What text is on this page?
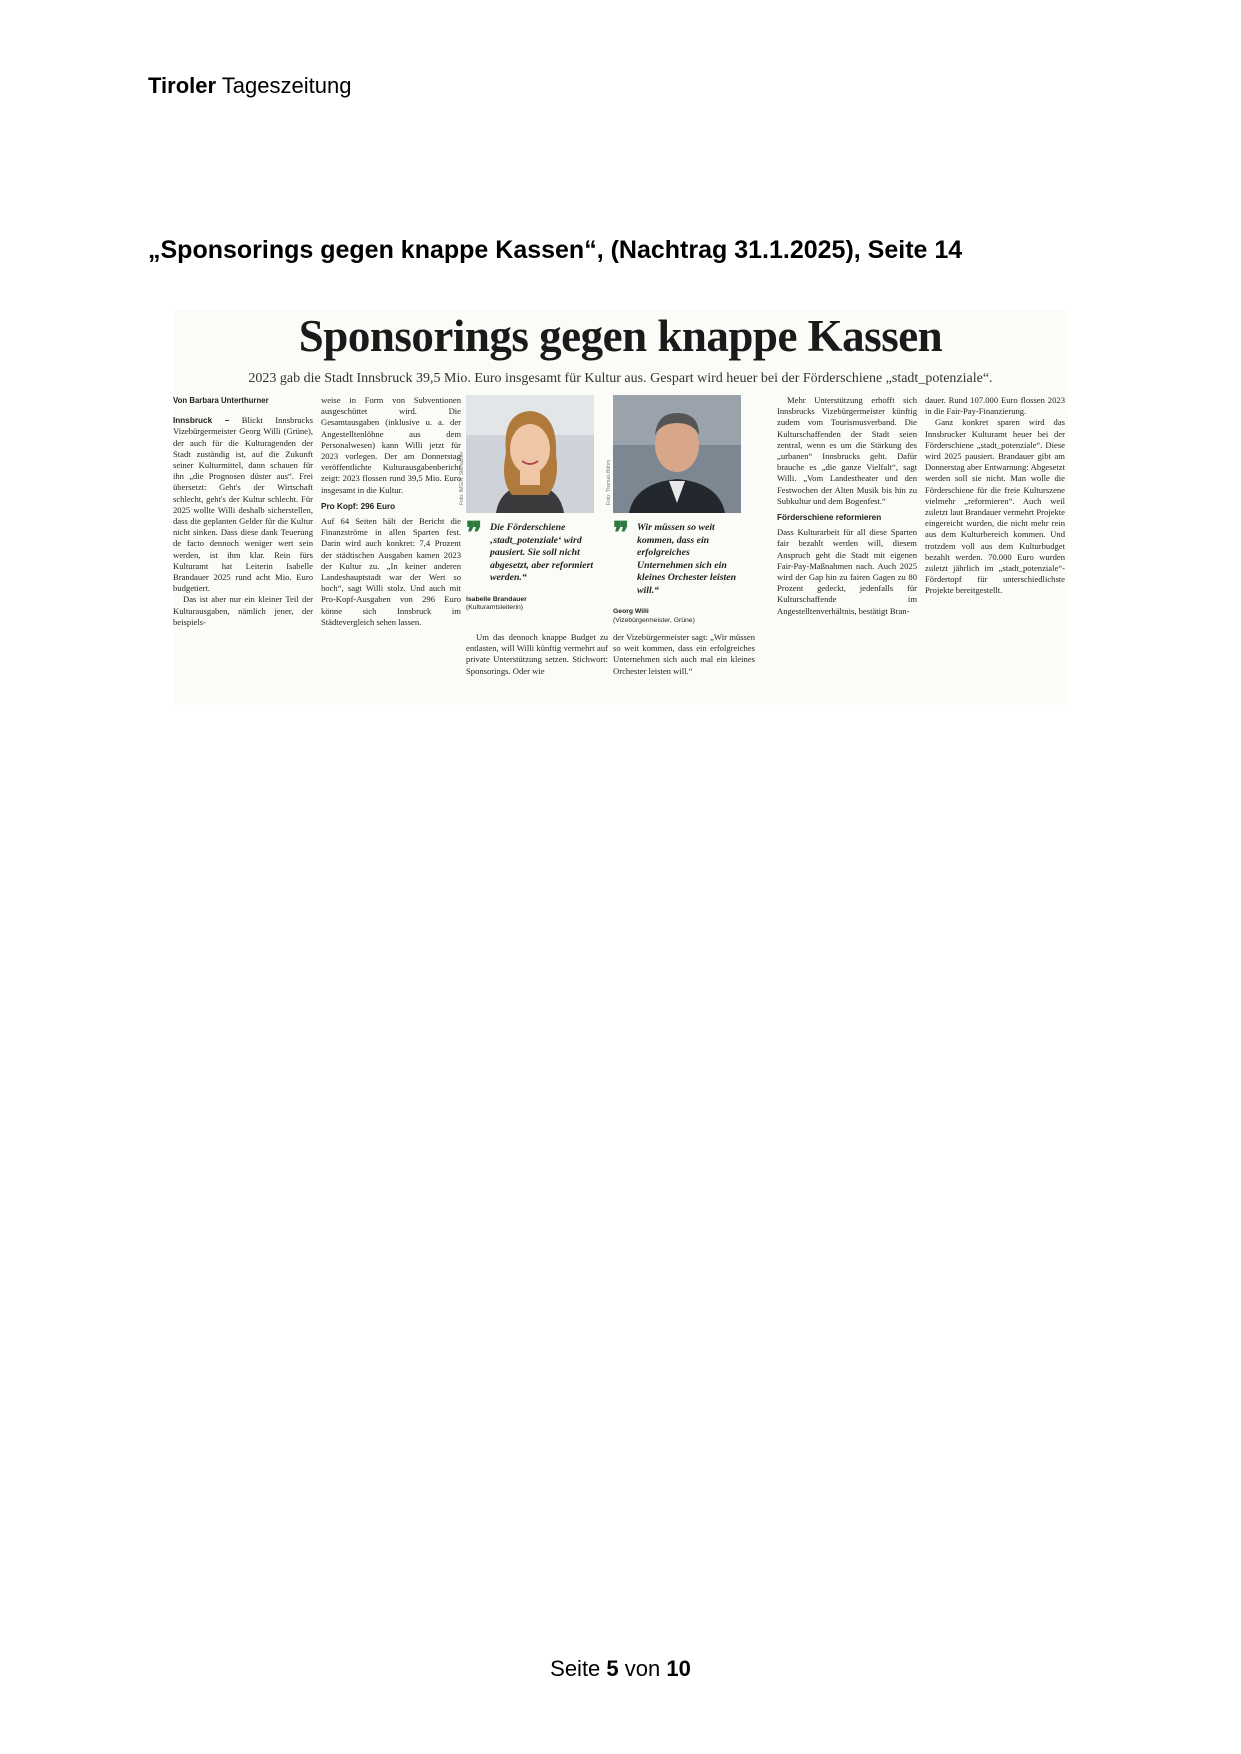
Tiroler Tageszeitung
„Sponsorings gegen knappe Kassen“, (Nachtrag 31.1.2025), Seite 14
Sponsorings gegen knappe Kassen
2023 gab die Stadt Innsbruck 39,5 Mio. Euro insgesamt für Kultur aus. Gespart wird heuer bei der Förderschiene „stadt_potenziale“.

Von Barbara Unterthurner

Innsbruck – Blickt Innsbrucks Vizebürgermeister Georg Willi (Grüne), der auch für die Kulturagenden der Stadt zuständig ist, auf die Zukunft seiner Kulturmittel, dann schauen für ihn „die Prognosen düster aus“. Frei übersetzt: Geht's der Wirtschaft schlecht, geht's der Kultur schlecht. Für 2025 wollte Willi deshalb sicherstellen, dass die geplanten Gelder für die Kultur nicht sinken. Dass diese dank Teuerung de facto dennoch weniger wert sein werden, ist ihm klar. Rein fürs Kulturamt hat Leiterin Isabelle Brandauer 2025 rund acht Mio. Euro budgetiert.

Das ist aber nur ein kleiner Teil der Kulturausgaben, nämlich jener, der beispiels-

weise in Form von Subventionen ausgeschüttet wird. Die Gesamtausgaben (inklusive u. a. der Angestelltenlöhne aus dem Personalwesen) kann Willi jetzt für 2023 vorlegen. Der am Donnerstag veröffentlichte Kulturausgabenbericht zeigt: 2023 flossen rund 39,5 Mio. Euro insgesamt in die Kultur.

Pro Kopf: 296 Euro

Auf 64 Seiten hält der Bericht die Finanzströme in allen Sparten fest. Darin wird auch konkret: 7,4 Prozent der städtischen Ausgaben kamen 2023 der Kultur zu. „In keiner anderen Landeshauptstadt war der Wert so hoch“, sagt Willi stolz. Und auch mit Pro-Kopf-Ausgaben von 296 Euro könne sich Innsbruck im Städtevergleich sehen lassen.

Foto: IMG/A. Steinacher	Foto: Thomas Böhm
❞ Die Förderschiene ‚stadt_potenziale‘ wird pausiert. Sie soll nicht abgesetzt, aber reformiert werden.“
Isabelle Brandauer
(Kulturamtsleiterin)
❞ Wir müssen so weit kommen, dass ein erfolgreiches Unternehmen sich ein kleines Orchester leisten will.“
Georg Willi
(Vizebürgermeister, Grüne)

Um das dennoch knappe Budget zu entlasten, will Willi künftig vermehrt auf private Unterstützung setzen. Stichwort: Sponsorings. Oder wie

der Vizebürgermeister sagt: „Wir müssen so weit kommen, dass ein erfolgreiches Unternehmen sich auch mal ein kleines Orchester leisten will.“

Mehr Unterstützung erhofft sich Innsbrucks Vizebürgermeister künftig zudem vom Tourismusverband. Die Kulturschaffenden der Stadt seien zentral, wenn es um die Stärkung des „urbanen“ Innsbrucks geht. Dafür brauche es „die ganze Vielfalt“, sagt Willi. „Vom Landestheater und den Festwochen der Alten Musik bis hin zu Subkultur und dem Bogenfest.“

Förderschiene reformieren

Dass Kulturarbeit für all diese Sparten fair bezahlt werden will, diesem Anspruch geht die Stadt mit eigenen Fair-Pay-Maßnahmen nach. Auch 2025 wird der Gap hin zu fairen Gagen zu 80 Prozent gedeckt, jedenfalls für Kulturschaffende im Angestelltenverhältnis, bestätigt Bran-

dauer. Rund 107.000 Euro flossen 2023 in die Fair-Pay-Finanzierung.

Ganz konkret sparen wird das Innsbrucker Kulturamt heuer bei der Förderschiene „stadt_potenziale“. Diese wird 2025 pausiert. Brandauer gibt am Donnerstag aber Entwarnung: Abgesetzt werden soll sie nicht. Man wolle die Förderschiene für die freie Kulturszene vielmehr „reformieren“. Auch weil zuletzt laut Brandauer vermehrt Projekte eingereicht wurden, die nicht mehr rein aus dem Kulturbereich kommen. Und trotzdem voll aus dem Kulturbudget bezahlt werden. 70.000 Euro wurden zuletzt jährlich im „stadt_potenziale“-Fördertopf für unterschiedlichste Projekte bereitgestellt.

Seite 5 von 10
